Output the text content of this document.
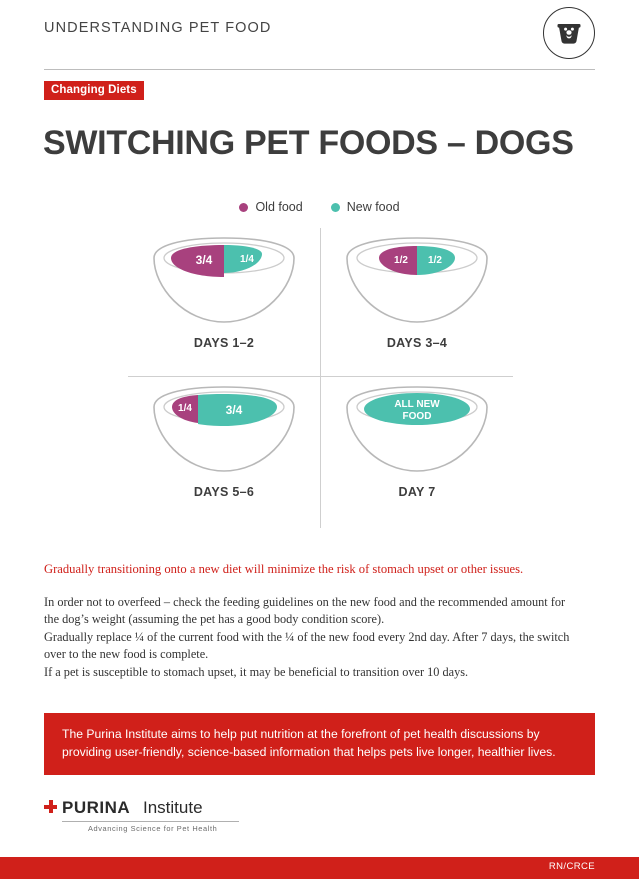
UNDERSTANDING PET FOOD
Changing Diets
SWITCHING PET FOODS – DOGS
Old food	New food
3/4	1/4
DAYS 1–2
1/2 1/2
DAYS 3–4
1/4	3/4
DAYS 5–6
ALL NEW
FOOD
DAY 7
Gradually transitioning onto a new diet will minimize the risk of stomach upset or other issues.
In order not to overfeed – check the feeding guidelines on the new food and the recommended amount for the dog’s weight (assuming the pet has a good body condition score).
Gradually replace ¼ of the current food with the ¼ of the new food every 2nd day. After 7 days, the switch over to the new food is complete.
If a pet is susceptible to stomach upset, it may be beneficial to transition over 10 days.
The Purina Institute aims to help put nutrition at the forefront of pet health discussions by providing user-friendly, science-based information that helps pets live longer, healthier lives.
PURINA Institute
Advancing Science for Pet Health
RN/CRCE
